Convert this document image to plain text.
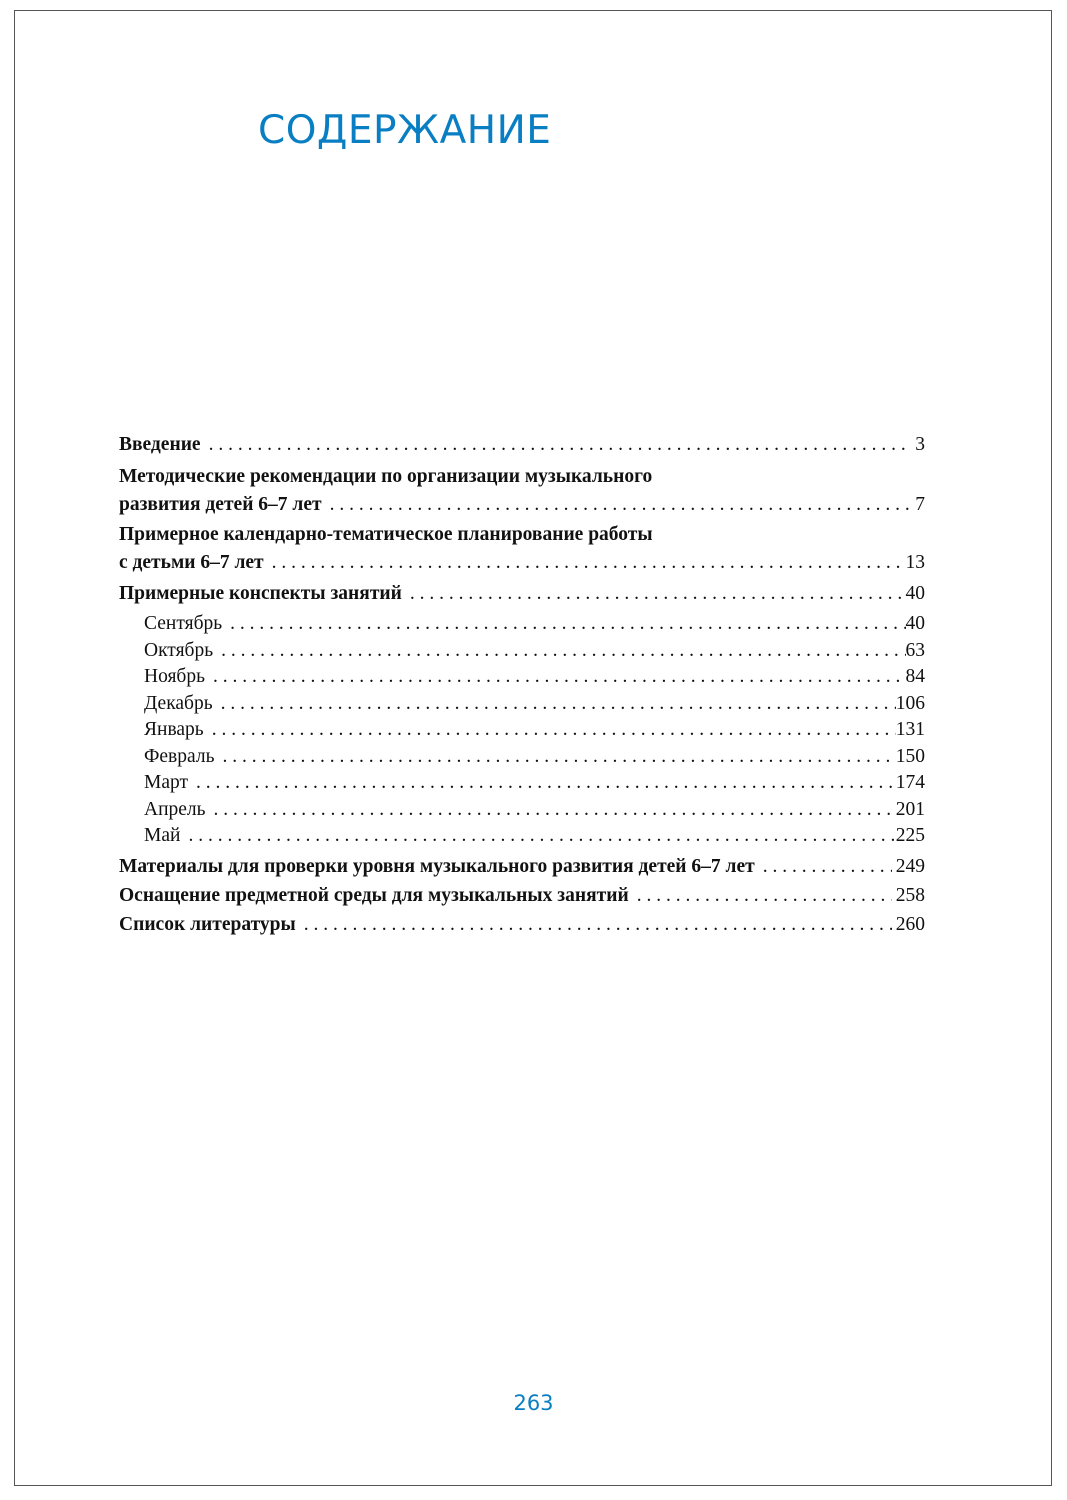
СОДЕРЖАНИЕ
Введение . . .	3
Методические рекомендации по организации музыкального
развития детей 6–7 лет . . .	7
Примерное календарно-тематическое планирование работы
с детьми 6–7 лет . . .	13
Примерные конспекты занятий . . .	40
Сентябрь . . .	40
Октябрь . . .	63
Ноябрь . . .	84
Декабрь . . .	106
Январь . . .	131
Февраль . . .	150
Март . . .	174
Апрель . . .	201
Май . . .	225
Материалы для проверки уровня музыкального развития детей 6–7 лет . . .	249
Оснащение предметной среды для музыкальных занятий . . .	258
Список литературы . . .	260
263
